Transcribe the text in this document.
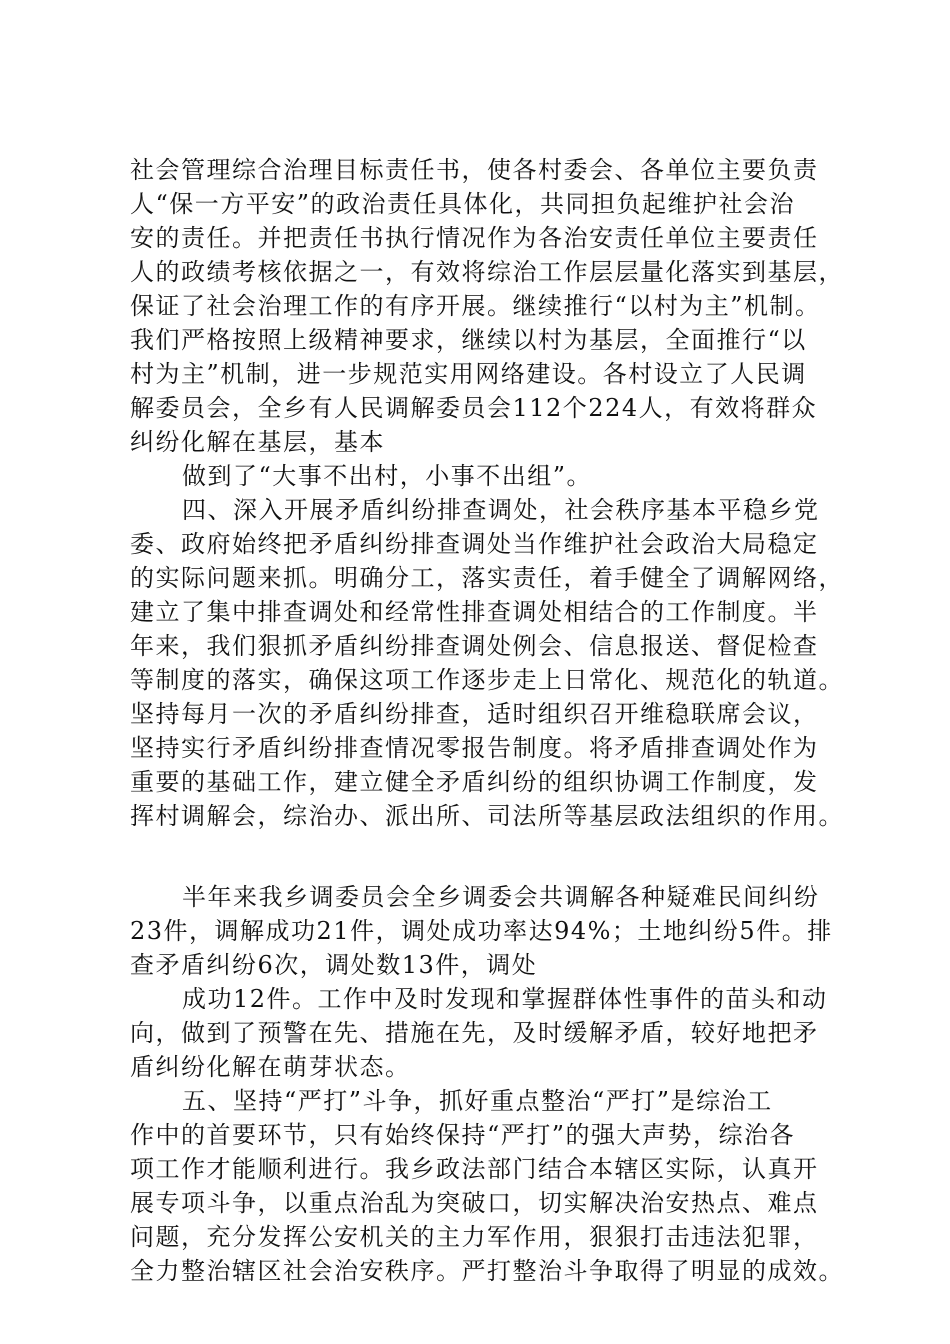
社会管理综合治理目标责任书，使各村委会、各单位主要负责
人“保一方平安”的政治责任具体化，共同担负起维护社会治
安的责任。并把责任书执行情况作为各治安责任单位主要责任
人的政绩考核依据之一，有效将综治工作层层量化落实到基层，
保证了社会治理工作的有序开展。继续推行“以村为主”机制。
我们严格按照上级精神要求，继续以村为基层，全面推行“以
村为主”机制，进一步规范实用网络建设。各村设立了人民调
解委员会，全乡有人民调解委员会112个224人，有效将群众
纠纷化解在基层，基本
做到了“大事不出村，小事不出组”。
四、深入开展矛盾纠纷排查调处，社会秩序基本平稳乡党
委、政府始终把矛盾纠纷排查调处当作维护社会政治大局稳定
的实际问题来抓。明确分工，落实责任，着手健全了调解网络，
建立了集中排查调处和经常性排查调处相结合的工作制度。半
年来，我们狠抓矛盾纠纷排查调处例会、信息报送、督促检查
等制度的落实，确保这项工作逐步走上日常化、规范化的轨道。
坚持每月一次的矛盾纠纷排查，适时组织召开维稳联席会议，
坚持实行矛盾纠纷排查情况零报告制度。将矛盾排查调处作为
重要的基础工作，建立健全矛盾纠纷的组织协调工作制度，发
挥村调解会，综治办、派出所、司法所等基层政法组织的作用。
半年来我乡调委员会全乡调委会共调解各种疑难民间纠纷
23件，调解成功21件，调处成功率达94%；土地纠纷5件。排
查矛盾纠纷6次，调处数13件，调处
成功12件。工作中及时发现和掌握群体性事件的苗头和动
向，做到了预警在先、措施在先，及时缓解矛盾，较好地把矛
盾纠纷化解在萌芽状态。
五、坚持“严打”斗争，抓好重点整治“严打”是综治工
作中的首要环节，只有始终保持“严打”的强大声势，综治各
项工作才能顺利进行。我乡政法部门结合本辖区实际，认真开
展专项斗争，以重点治乱为突破口，切实解决治安热点、难点
问题，充分发挥公安机关的主力军作用，狠狠打击违法犯罪，
全力整治辖区社会治安秩序。严打整治斗争取得了明显的成效。
